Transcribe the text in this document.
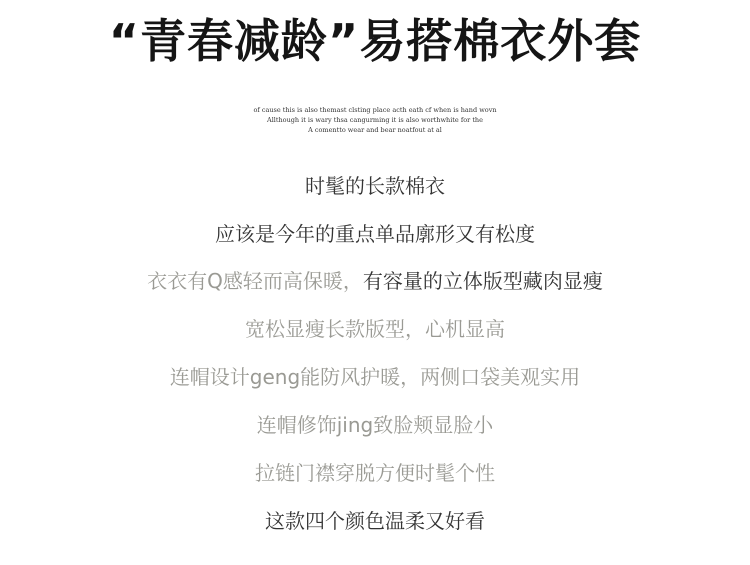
“青春减龄”易搭棉衣外套
of cause this is also themast clsting place acth eath cf when is hand wovn
Allthough it is wary thsa cangurming it is also worthwhite for the
A comentto wear and bear noatfout at al
时髦的长款棉衣
应该是今年的重点单品廓形又有松度
衣衣有Q感轻而高保暖，有容量的立体版型藏肉显瘦
宽松显瘦长款版型，心机显高
连帽设计geng能防风护暖，两侧口袋美观实用
连帽修饰jing致脸颊显脸小
拉链门襟穿脱方便时髦个性
这款四个颜色温柔又好看
